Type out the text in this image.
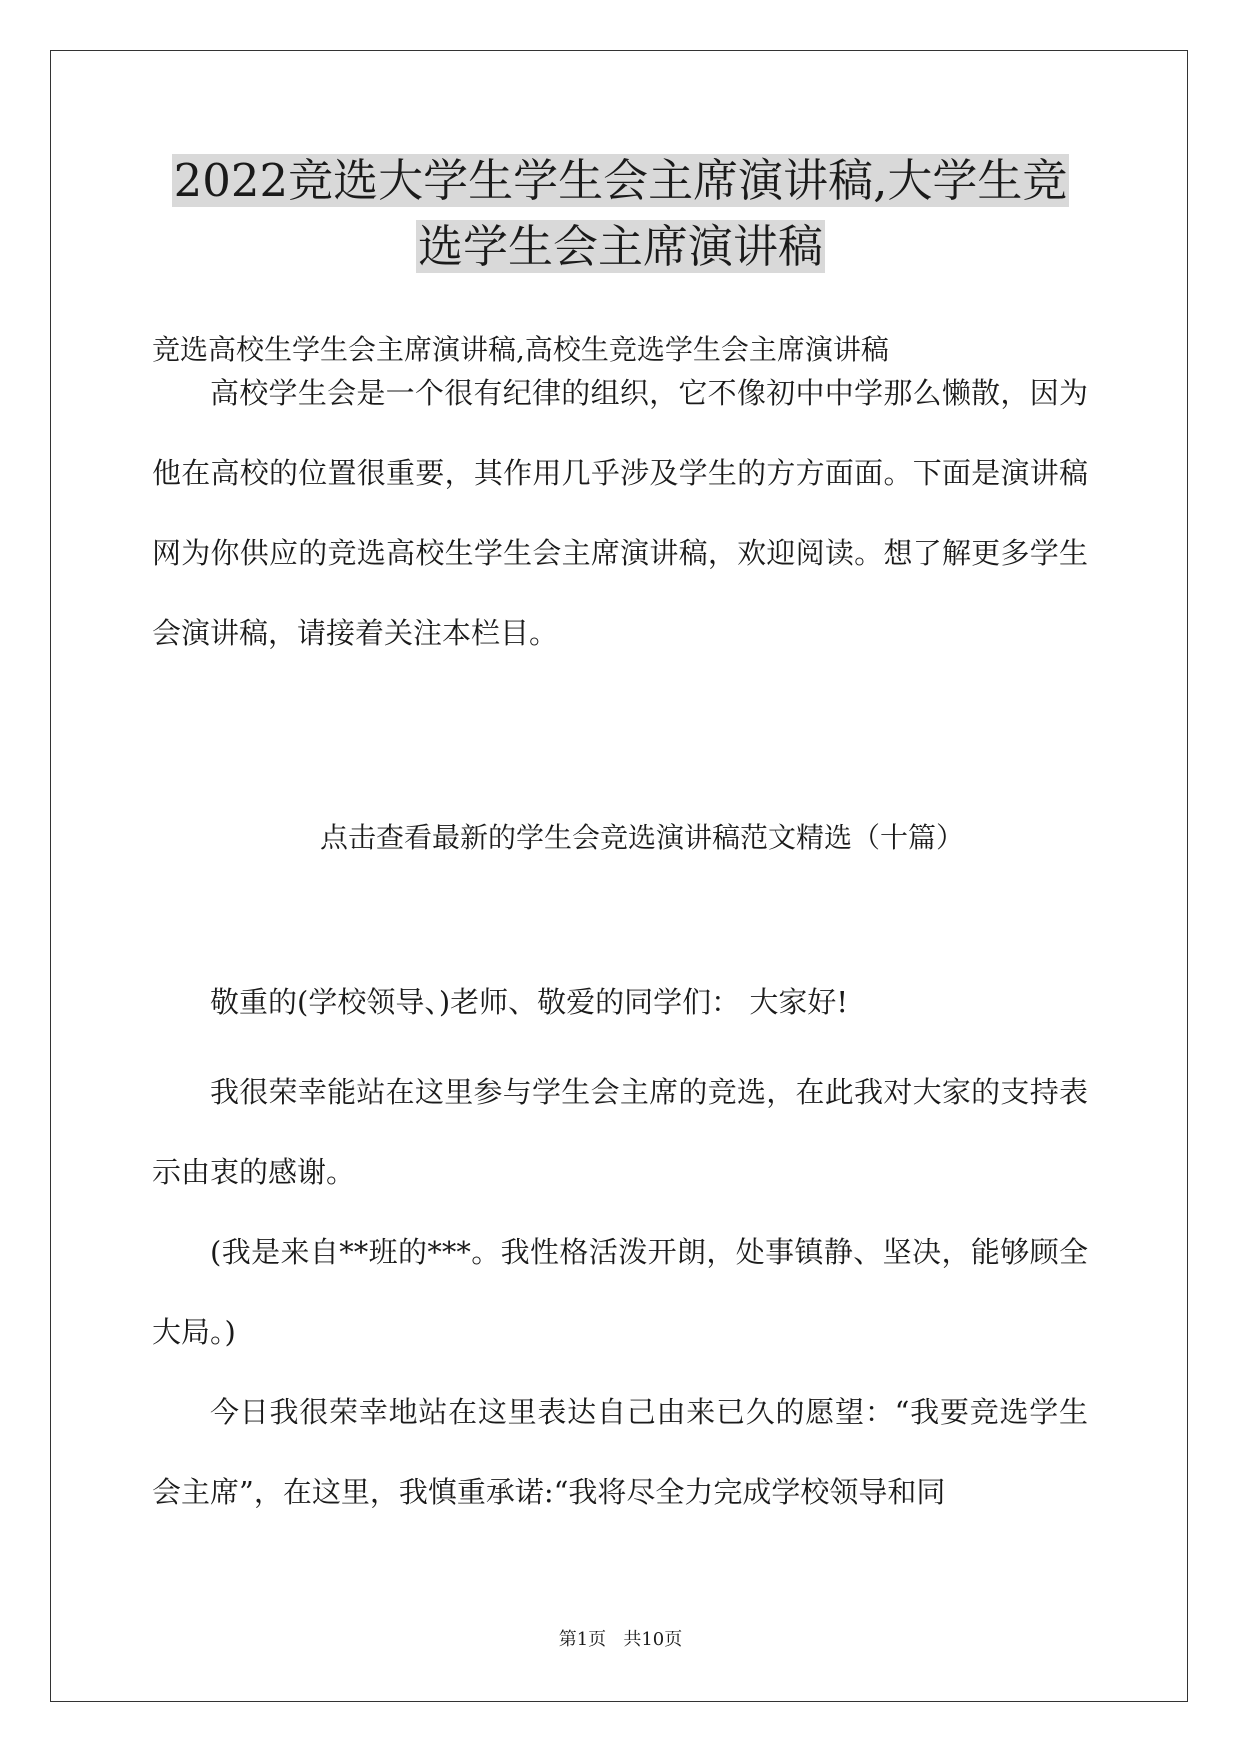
2022竞选大学生学生会主席演讲稿,大学生竞
选学生会主席演讲稿

竞选高校生学生会主席演讲稿,高校生竞选学生会主席演讲稿

高校学生会是一个很有纪律的组织，它不像初中中学那么懒散，因为他在高校的位置很重要，其作用几乎涉及学生的方方面面。下面是演讲稿网为你供应的竞选高校生学生会主席演讲稿，欢迎阅读。想了解更多学生会演讲稿，请接着关注本栏目。

点击查看最新的学生会竞选演讲稿范文精选（十篇）

敬重的(学校领导、)老师、敬爱的同学们： 大家好!

我很荣幸能站在这里参与学生会主席的竞选，在此我对大家的支持表示由衷的感谢。

(我是来自**班的***。我性格活泼开朗，处事镇静、坚决，能够顾全大局。)

今日我很荣幸地站在这里表达自己由来已久的愿望：“我要竞选学生会主席”，在这里，我慎重承诺:“我将尽全力完成学校领导和同

第1页 共10页
